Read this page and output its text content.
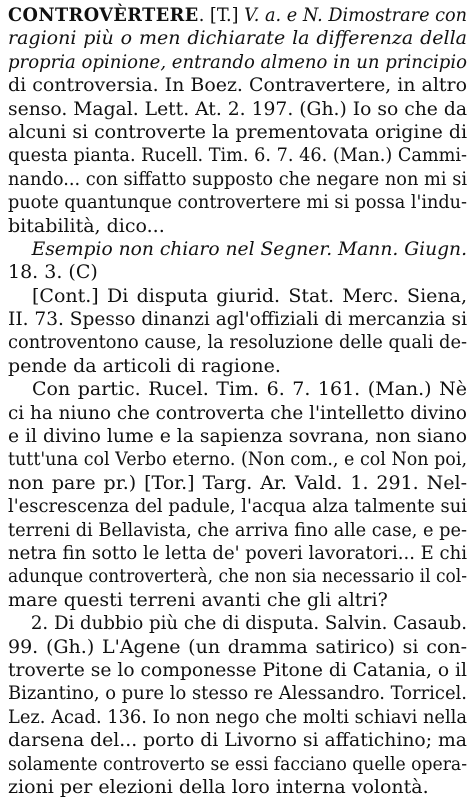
CONTROVÈRTERE. [T.] V. a. e N. Dimostrare con
ragioni più o men dichiarate la differenza della
propria opinione, entrando almeno in un principio
di controversia. In Boez. Contravertere, in altro
senso. Magal. Lett. At. 2. 197. (Gh.) Io so che da
alcuni si controverte la prementovata origine di
questa pianta. Rucell. Tim. 6. 7. 46. (Man.) Cammi-
nando... con siffatto supposto che negare non mi si
puote quantunque controvertere mi si possa l'indu-
bitabilità, dico...
Esempio non chiaro nel Segner. Mann. Giugn.
18. 3. (C)
[Cont.] Di disputa giurid. Stat. Merc. Siena,
II. 73. Spesso dinanzi agl'offiziali di mercanzia si
controventono cause, la resoluzione delle quali de-
pende da articoli di ragione.
Con partic. Rucel. Tim. 6. 7. 161. (Man.) Nè
ci ha niuno che controverta che l'intelletto divino
e il divino lume e la sapienza sovrana, non siano
tutt'una col Verbo eterno. (Non com., e col Non poi,
non pare pr.) [Tor.] Targ. Ar. Vald. 1. 291. Nel-
l'escrescenza del padule, l'acqua alza talmente sui
terreni di Bellavista, che arriva fino alle case, e pe-
netra fin sotto le letta de' poveri lavoratori... E chi
adunque controverterà, che non sia necessario il col-
mare questi terreni avanti che gli altri?
2. Di dubbio più che di disputa. Salvin. Casaub.
99. (Gh.) L'Agene (un dramma satirico) si con-
troverte se lo componesse Pitone di Catania, o il
Bizantino, o pure lo stesso re Alessandro. Torricel.
Lez. Acad. 136. Io non nego che molti schiavi nella
darsena del... porto di Livorno si affatichino; ma
solamente controverto se essi facciano quelle opera-
zioni per elezioni della loro interna volontà.
